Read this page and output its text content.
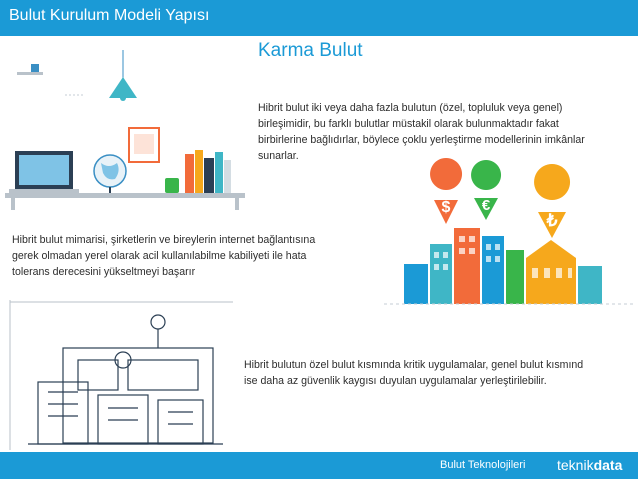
Bulut Kurulum Modeli Yapısı
Karma Bulut
Hibrit bulut iki veya daha fazla bulutun (özel, topluluk veya genel)
birleşimidir, bu farklı bulutlar müstakil olarak bulunmaktadır fakat
birbirlerine bağlıdırlar, böylece çoklu yerleştirme modellerinin imkânlar
sunarlar.
$ €
₺
Hibrit bulut mimarisi, şirketlerin ve bireylerin internet bağlantısına
gerek olmadan yerel olarak acil kullanılabilme kabiliyeti ile hata
tolerans derecesini yükseltmeyi başarır
Hibrit bulutun özel bulut kısmında kritik uygulamalar, genel bulut kısmınd
ise daha az güvenlik kaygısı duyulan uygulamalar yerleştirilebilir.
Bulut Teknolojileri teknikdata
